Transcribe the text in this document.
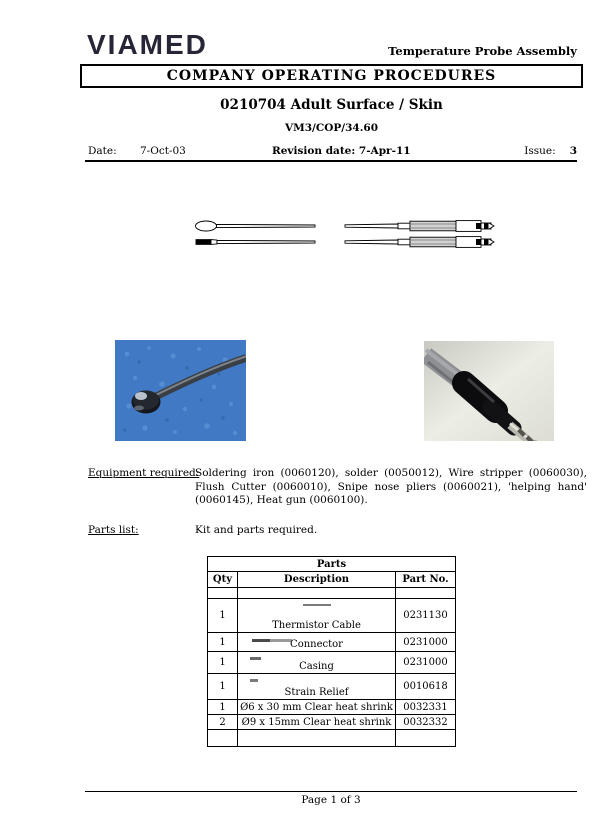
VIAMED	Temperature Probe Assembly
COMPANY OPERATING PROCEDURES
0210704 Adult Surface / Skin
VM3/COP/34.60
Date: 7-Oct-03	Revision date: 7-Apr-11	Issue: 3
Equipment required:
Soldering iron (0060120), solder (0050012), Wire stripper (0060030), Flush Cutter (0060010), Snipe nose pliers (0060021), 'helping hand' (0060145), Heat gun (0060100).
Parts list:	Kit and parts required.
Parts		
Qty	Description	Part No.

1	Thermistor Cable	0231130
1	Connector	0231000
1	Casing	0231000
1	Strain Relief	0010618
1	Ø6 x 30 mm Clear heat shrink	0032331
2	Ø9 x 15mm Clear heat shrink	0032332

Page 1 of 3
